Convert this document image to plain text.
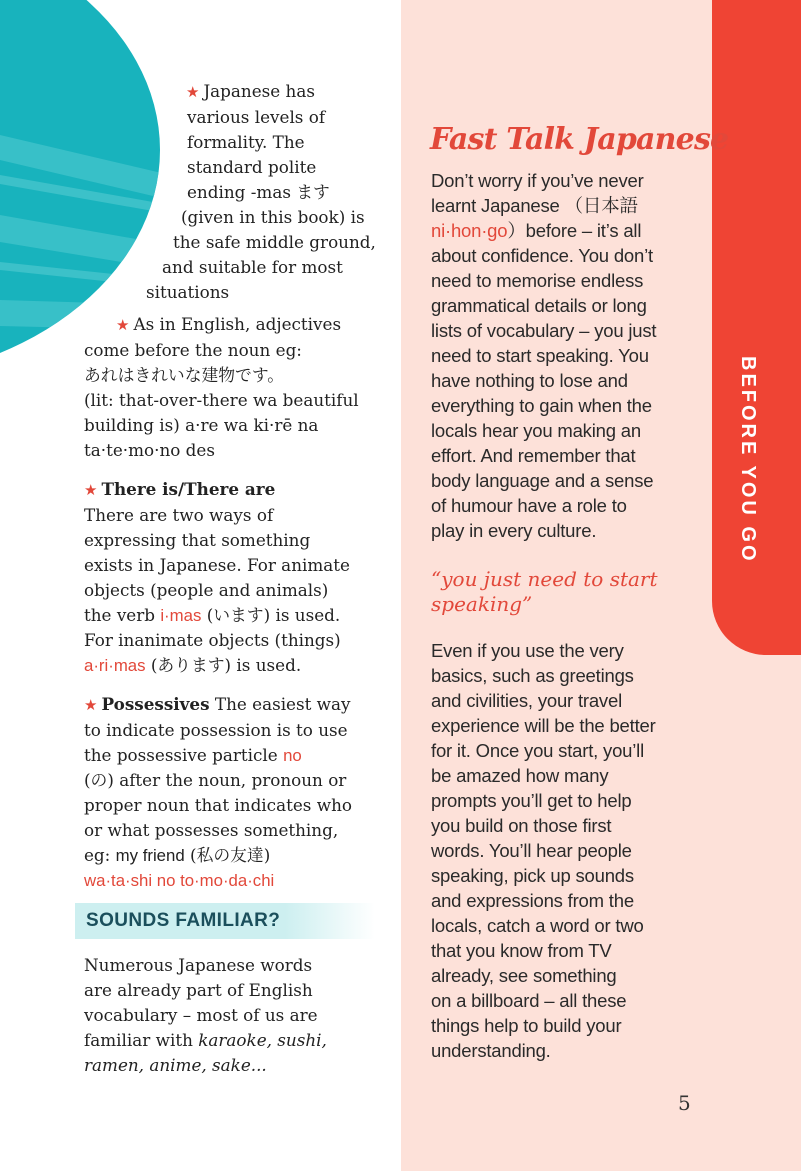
BEFORE YOU GO
★ Japanese has
various levels of
formality. The
standard polite
ending -mas ます
(given in this book) is
the safe middle ground,
and suitable for most
situations
★ As in English, adjectives
come before the noun eg:
あれはきれいな建物です。
(lit: that-over-there wa beautiful
building is) a·re wa ki·rē na
ta·te·mo·no des
★ There is/There are
There are two ways of
expressing that something
exists in Japanese. For animate
objects (people and animals)
the verb i·mas (います) is used.
For inanimate objects (things)
a·ri·mas (あります) is used.
★ Possessives The easiest way
to indicate possession is to use
the possessive particle no
(の) after the noun, pronoun or
proper noun that indicates who
or what possesses something,
eg: my friend (私の友達)
wa·ta·shi no to·mo·da·chi
SOUNDS FAMILIAR?
Numerous Japanese words
are already part of English
vocabulary – most of us are
familiar with karaoke, sushi,
ramen, anime, sake...
Fast Talk Japanese
Don’t worry if you’ve never
learnt Japanese （日本語
ni·hon·go）before – it’s all
about confidence. You don’t
need to memorise endless
grammatical details or long
lists of vocabulary – you just
need to start speaking. You
have nothing to lose and
everything to gain when the
locals hear you making an
effort. And remember that
body language and a sense
of humour have a role to
play in every culture.
“you just need to start
speaking”
Even if you use the very
basics, such as greetings
and civilities, your travel
experience will be the better
for it. Once you start, you’ll
be amazed how many
prompts you’ll get to help
you build on those first
words. You’ll hear people
speaking, pick up sounds
and expressions from the
locals, catch a word or two
that you know from TV
already, see something
on a billboard – all these
things help to build your
understanding.
5
